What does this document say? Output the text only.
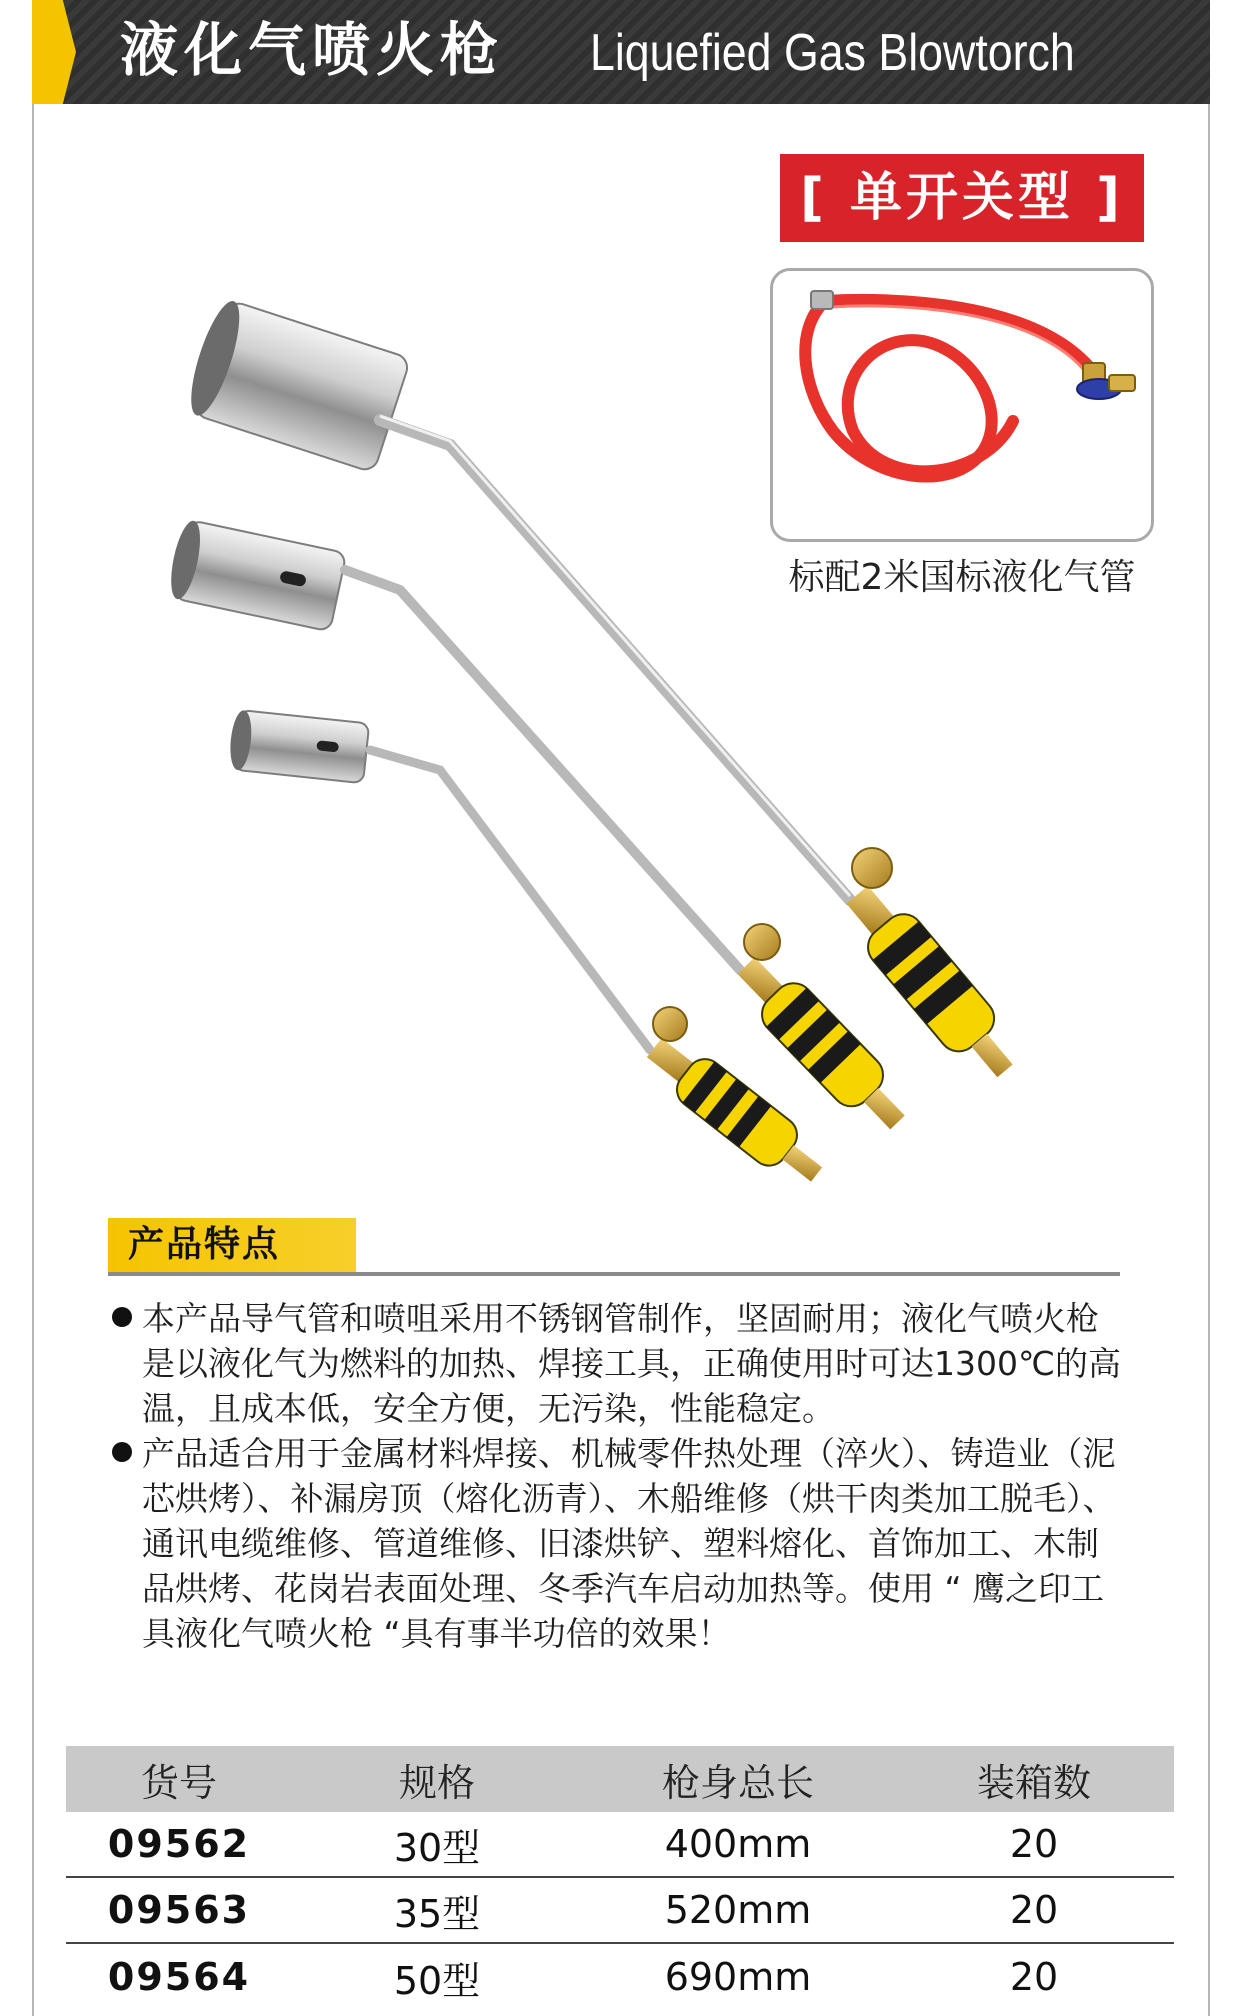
液化气喷火枪 Liquefied Gas Blowtorch
[ 单开关型 ]
标配2米国标液化气管
产品特点
本产品导气管和喷咀采用不锈钢管制作，坚固耐用；液化气喷火枪是以液化气为燃料的加热、焊接工具，正确使用时可达1300℃的高温，且成本低，安全方便，无污染，性能稳定。
产品适合用于金属材料焊接、机械零件热处理（淬火）、铸造业（泥芯烘烤）、补漏房顶（熔化沥青）、木船维修（烘干肉类加工脱毛）、通讯电缆维修、管道维修、旧漆烘铲、塑料熔化、首饰加工、木制品烘烤、花岗岩表面处理、冬季汽车启动加热等。使用 “ 鹰之印工具液化气喷火枪 “具有事半功倍的效果！
货号	规格	枪身总长	装箱数
09562	30型	400mm	20
09563	35型	520mm	20
09564	50型	690mm	20
